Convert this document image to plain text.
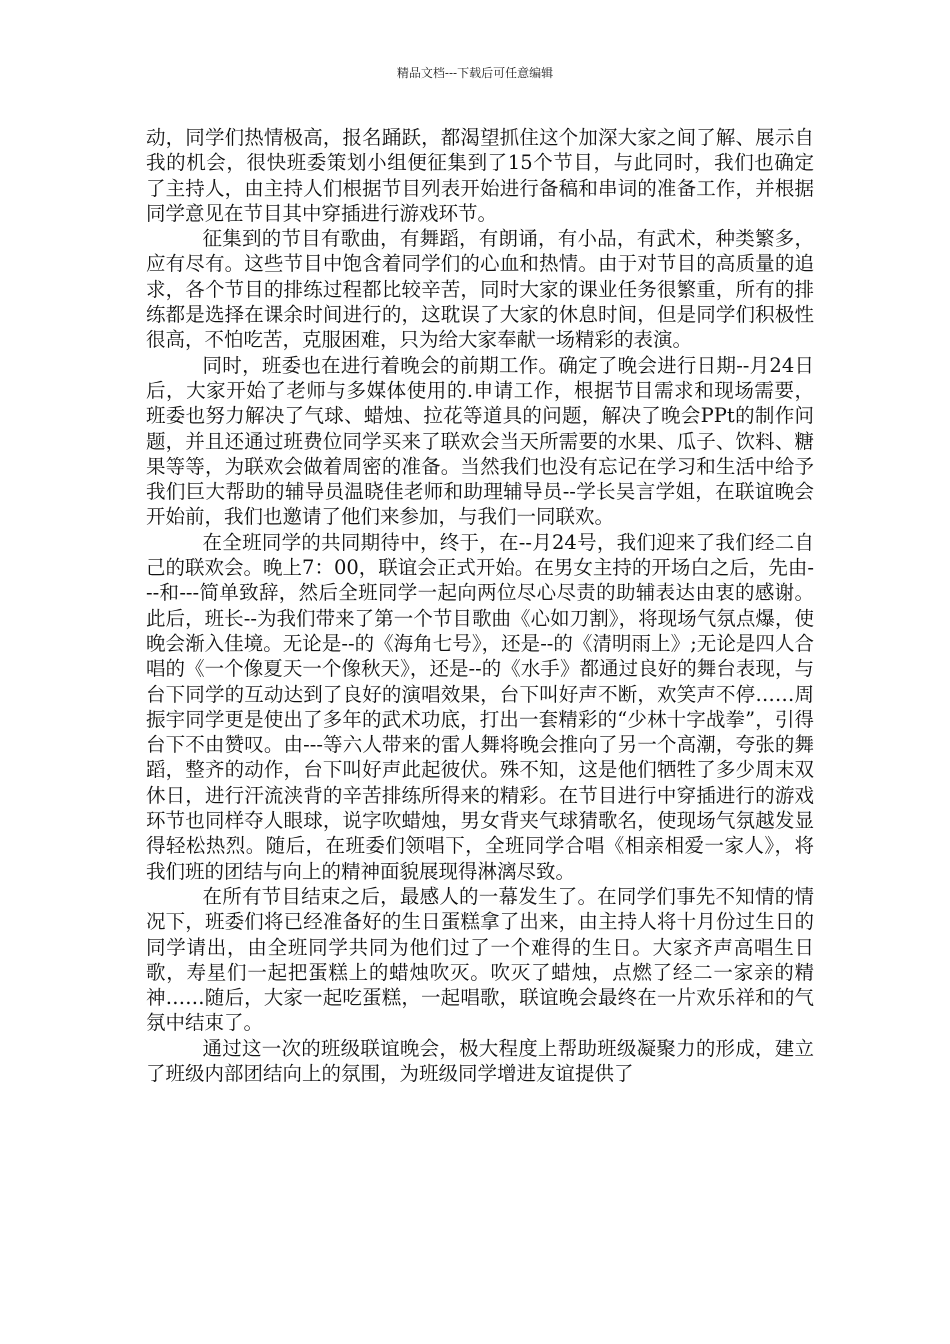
精品文档---下载后可任意编辑

动，同学们热情极高，报名踊跃，都渴望抓住这个加深大家之间了解、展示自我的机会，很快班委策划小组便征集到了15个节目，与此同时，我们也确定了主持人，由主持人们根据节目列表开始进行备稿和串词的准备工作，并根据同学意见在节目其中穿插进行游戏环节。

征集到的节目有歌曲，有舞蹈，有朗诵，有小品，有武术，种类繁多，应有尽有。这些节目中饱含着同学们的心血和热情。由于对节目的高质量的追求，各个节目的排练过程都比较辛苦，同时大家的课业任务很繁重，所有的排练都是选择在课余时间进行的，这耽误了大家的休息时间，但是同学们积极性很高，不怕吃苦，克服困难，只为给大家奉献一场精彩的表演。

同时，班委也在进行着晚会的前期工作。确定了晚会进行日期--月24日后，大家开始了老师与多媒体使用的.申请工作，根据节目需求和现场需要，班委也努力解决了气球、蜡烛、拉花等道具的问题，解决了晚会PPt的制作问题，并且还通过班费位同学买来了联欢会当天所需要的水果、瓜子、饮料、糖果等等，为联欢会做着周密的准备。当然我们也没有忘记在学习和生活中给予我们巨大帮助的辅导员温晓佳老师和助理辅导员--学长吴言学姐，在联谊晚会开始前，我们也邀请了他们来参加，与我们一同联欢。

在全班同学的共同期待中，终于，在--月24号，我们迎来了我们经二自己的联欢会。晚上7：00，联谊会正式开始。在男女主持的开场白之后，先由---和---简单致辞，然后全班同学一起向两位尽心尽责的助辅表达由衷的感谢。此后，班长--为我们带来了第一个节目歌曲《心如刀割》，将现场气氛点爆，使晚会渐入佳境。无论是--的《海角七号》，还是--的《清明雨上》;无论是四人合唱的《一个像夏天一个像秋天》，还是--的《水手》都通过良好的舞台表现，与台下同学的互动达到了良好的演唱效果，台下叫好声不断，欢笑声不停……周振宇同学更是使出了多年的武术功底，打出一套精彩的“少林十字战拳”，引得台下不由赞叹。由---等六人带来的雷人舞将晚会推向了另一个高潮，夸张的舞蹈，整齐的动作，台下叫好声此起彼伏。殊不知，这是他们牺牲了多少周末双休日，进行汗流浃背的辛苦排练所得来的精彩。在节目进行中穿插进行的游戏环节也同样夺人眼球，说字吹蜡烛，男女背夹气球猜歌名，使现场气氛越发显得轻松热烈。随后，在班委们领唱下，全班同学合唱《相亲相爱一家人》，将我们班的团结与向上的精神面貌展现得淋漓尽致。

在所有节目结束之后，最感人的一幕发生了。在同学们事先不知情的情况下，班委们将已经准备好的生日蛋糕拿了出来，由主持人将十月份过生日的同学请出，由全班同学共同为他们过了一个难得的生日。大家齐声高唱生日歌，寿星们一起把蛋糕上的蜡烛吹灭。吹灭了蜡烛，点燃了经二一家亲的精神……随后，大家一起吃蛋糕，一起唱歌，联谊晚会最终在一片欢乐祥和的气氛中结束了。

通过这一次的班级联谊晚会，极大程度上帮助班级凝聚力的形成，建立了班级内部团结向上的氛围，为班级同学增进友谊提供了
